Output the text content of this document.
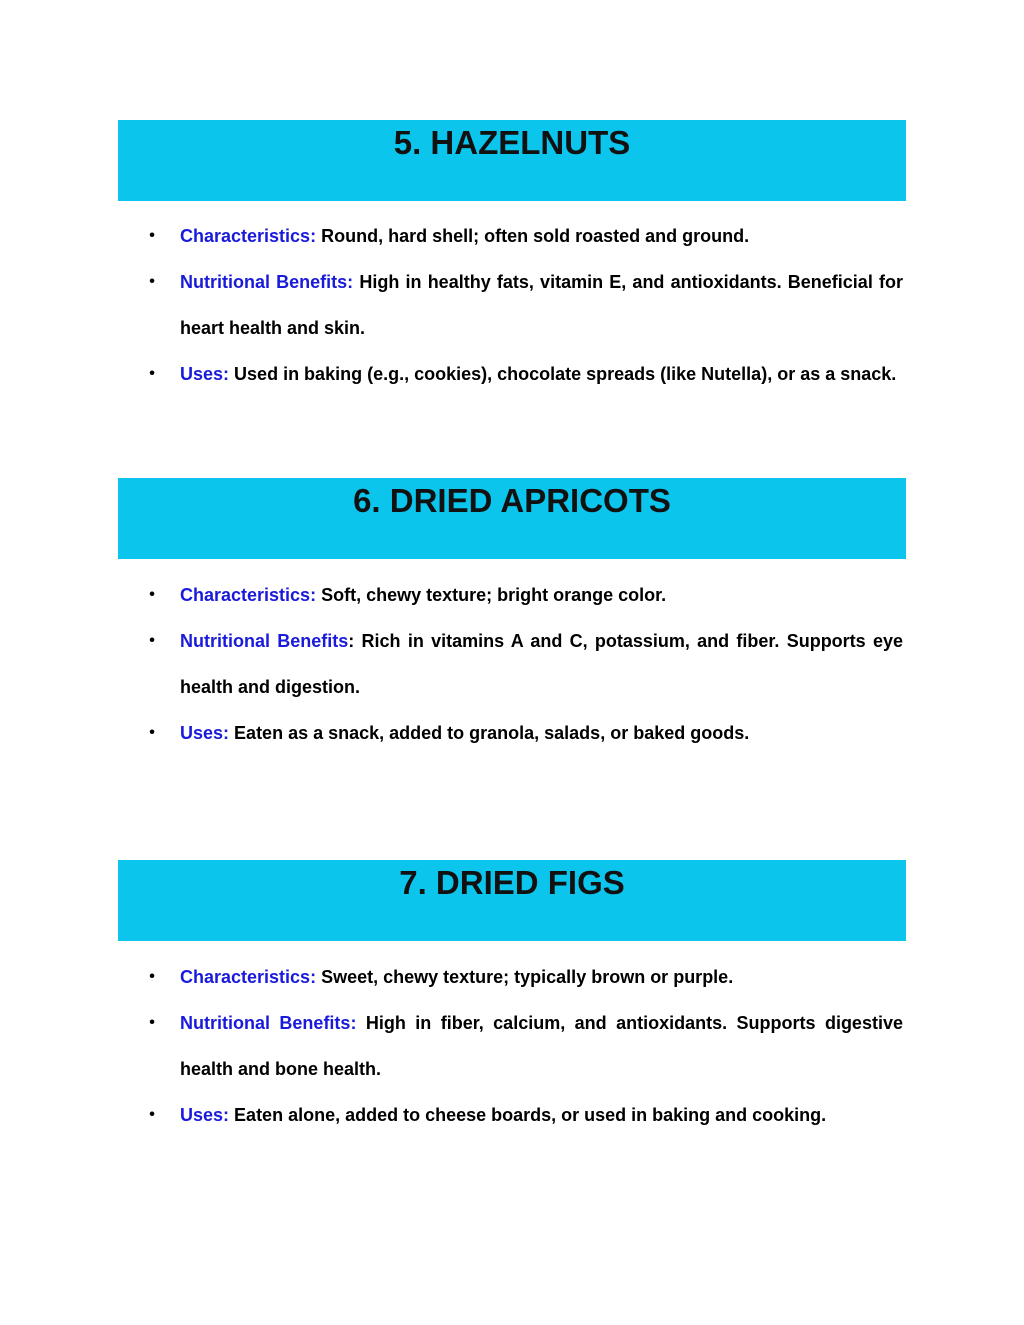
5. HAZELNUTS
• Characteristics: Round, hard shell; often sold roasted and ground.
• Nutritional Benefits: High in healthy fats, vitamin E, and antioxidants. Beneficial for heart health and skin.
• Uses: Used in baking (e.g., cookies), chocolate spreads (like Nutella), or as a snack.
6. DRIED APRICOTS
• Characteristics: Soft, chewy texture; bright orange color.
• Nutritional Benefits: Rich in vitamins A and C, potassium, and fiber. Supports eye health and digestion.
• Uses: Eaten as a snack, added to granola, salads, or baked goods.
7. DRIED FIGS
• Characteristics: Sweet, chewy texture; typically brown or purple.
• Nutritional Benefits: High in fiber, calcium, and antioxidants. Supports digestive health and bone health.
• Uses: Eaten alone, added to cheese boards, or used in baking and cooking.
